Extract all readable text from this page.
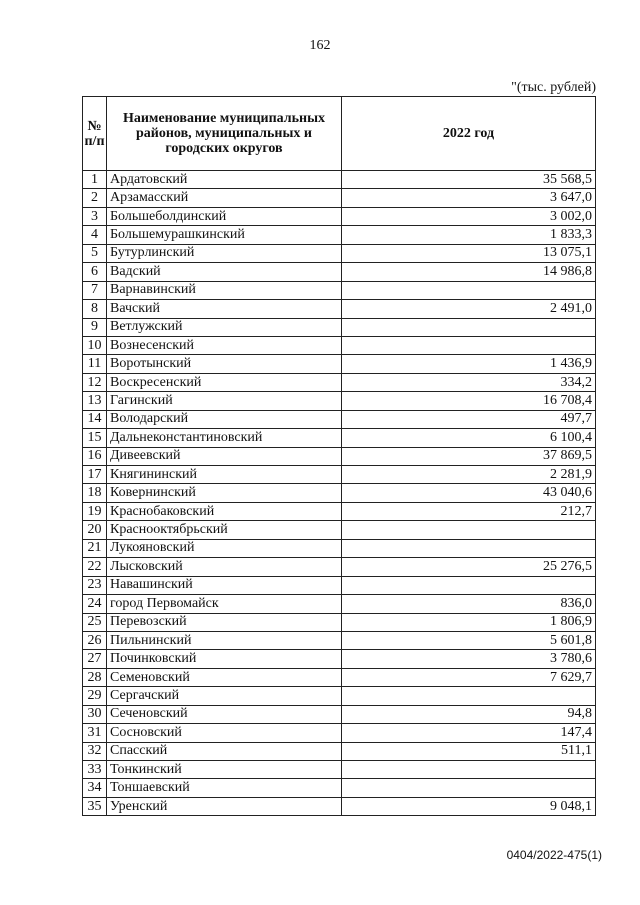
162
"(тыс. рублей)
№ п/п	Наименование муниципальных районов, муниципальных и городских округов	2022 год
1	Ардатовский	35 568,5
2	Арзамасский	3 647,0
3	Большеболдинский	3 002,0
4	Большемурашкинский	1 833,3
5	Бутурлинский	13 075,1
6	Вадский	14 986,8
7	Варнавинский	
8	Вачский	2 491,0
9	Ветлужский	
10	Вознесенский	
11	Воротынский	1 436,9
12	Воскресенский	334,2
13	Гагинский	16 708,4
14	Володарский	497,7
15	Дальнеконстантиновский	6 100,4
16	Дивеевский	37 869,5
17	Княгининский	2 281,9
18	Ковернинский	43 040,6
19	Краснобаковский	212,7
20	Краснооктябрьский	
21	Лукояновский	
22	Лысковский	25 276,5
23	Навашинский	
24	город Первомайск	836,0
25	Перевозский	1 806,9
26	Пильнинский	5 601,8
27	Починковский	3 780,6
28	Семеновский	7 629,7
29	Сергачский	
30	Сеченовский	94,8
31	Сосновский	147,4
32	Спасский	511,1
33	Тонкинский	
34	Тоншаевский	
35	Уренский	9 048,1
0404/2022-475(1)
